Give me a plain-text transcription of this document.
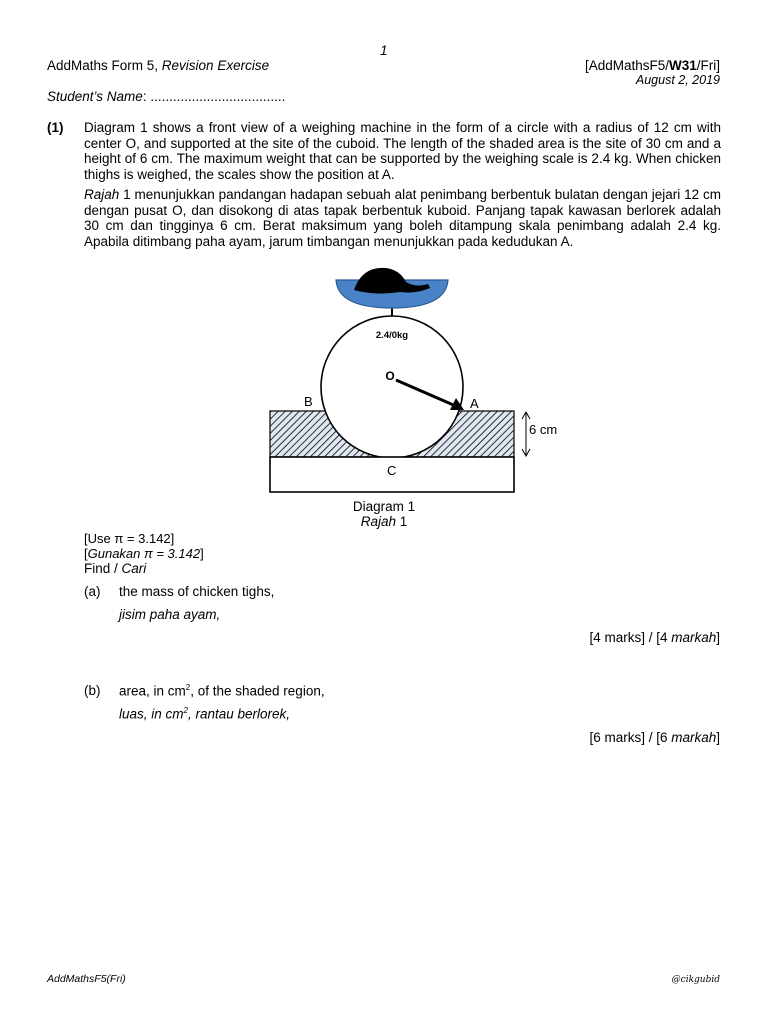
1
AddMaths Form 5, Revision Exercise	[AddMathsF5/W31/Fri]
August 2, 2019
Student’s Name: ....................................
(1) Diagram 1 shows a front view of a weighing machine in the form of a circle with a radius of 12 cm with center O, and supported at the site of the cuboid. The length of the shaded area is the site of 30 cm and a height of 6 cm. The maximum weight that can be supported by the weighing scale is 2.4 kg. When chicken thighs is weighed, the scales show the position at A.
Rajah 1 menunjukkan pandangan hadapan sebuah alat penimbang berbentuk bulatan dengan jejari 12 cm dengan pusat O, dan disokong di atas tapak berbentuk kuboid. Panjang tapak kawasan berlorek adalah 30 cm dan tingginya 6 cm. Berat maksimum yang boleh ditampung skala penimbang adalah 2.4 kg. Apabila ditimbang paha ayam, jarum timbangan menunjukkan pada kedudukan A.
2.4/0kg
O
A
B
C
6 cm
Diagram 1
Rajah 1
[Use π = 3.142]
[Gunakan π = 3.142]
Find / Cari
(a) the mass of chicken tighs,
jisim paha ayam,
[4 marks] / [4 markah]
(b) area, in $cm^2$, of the shaded region,
luas, in $cm^2$, rantau berlorek,
[6 marks] / [6 markah]
AddMathsF5(Fri)	@cikgubid
